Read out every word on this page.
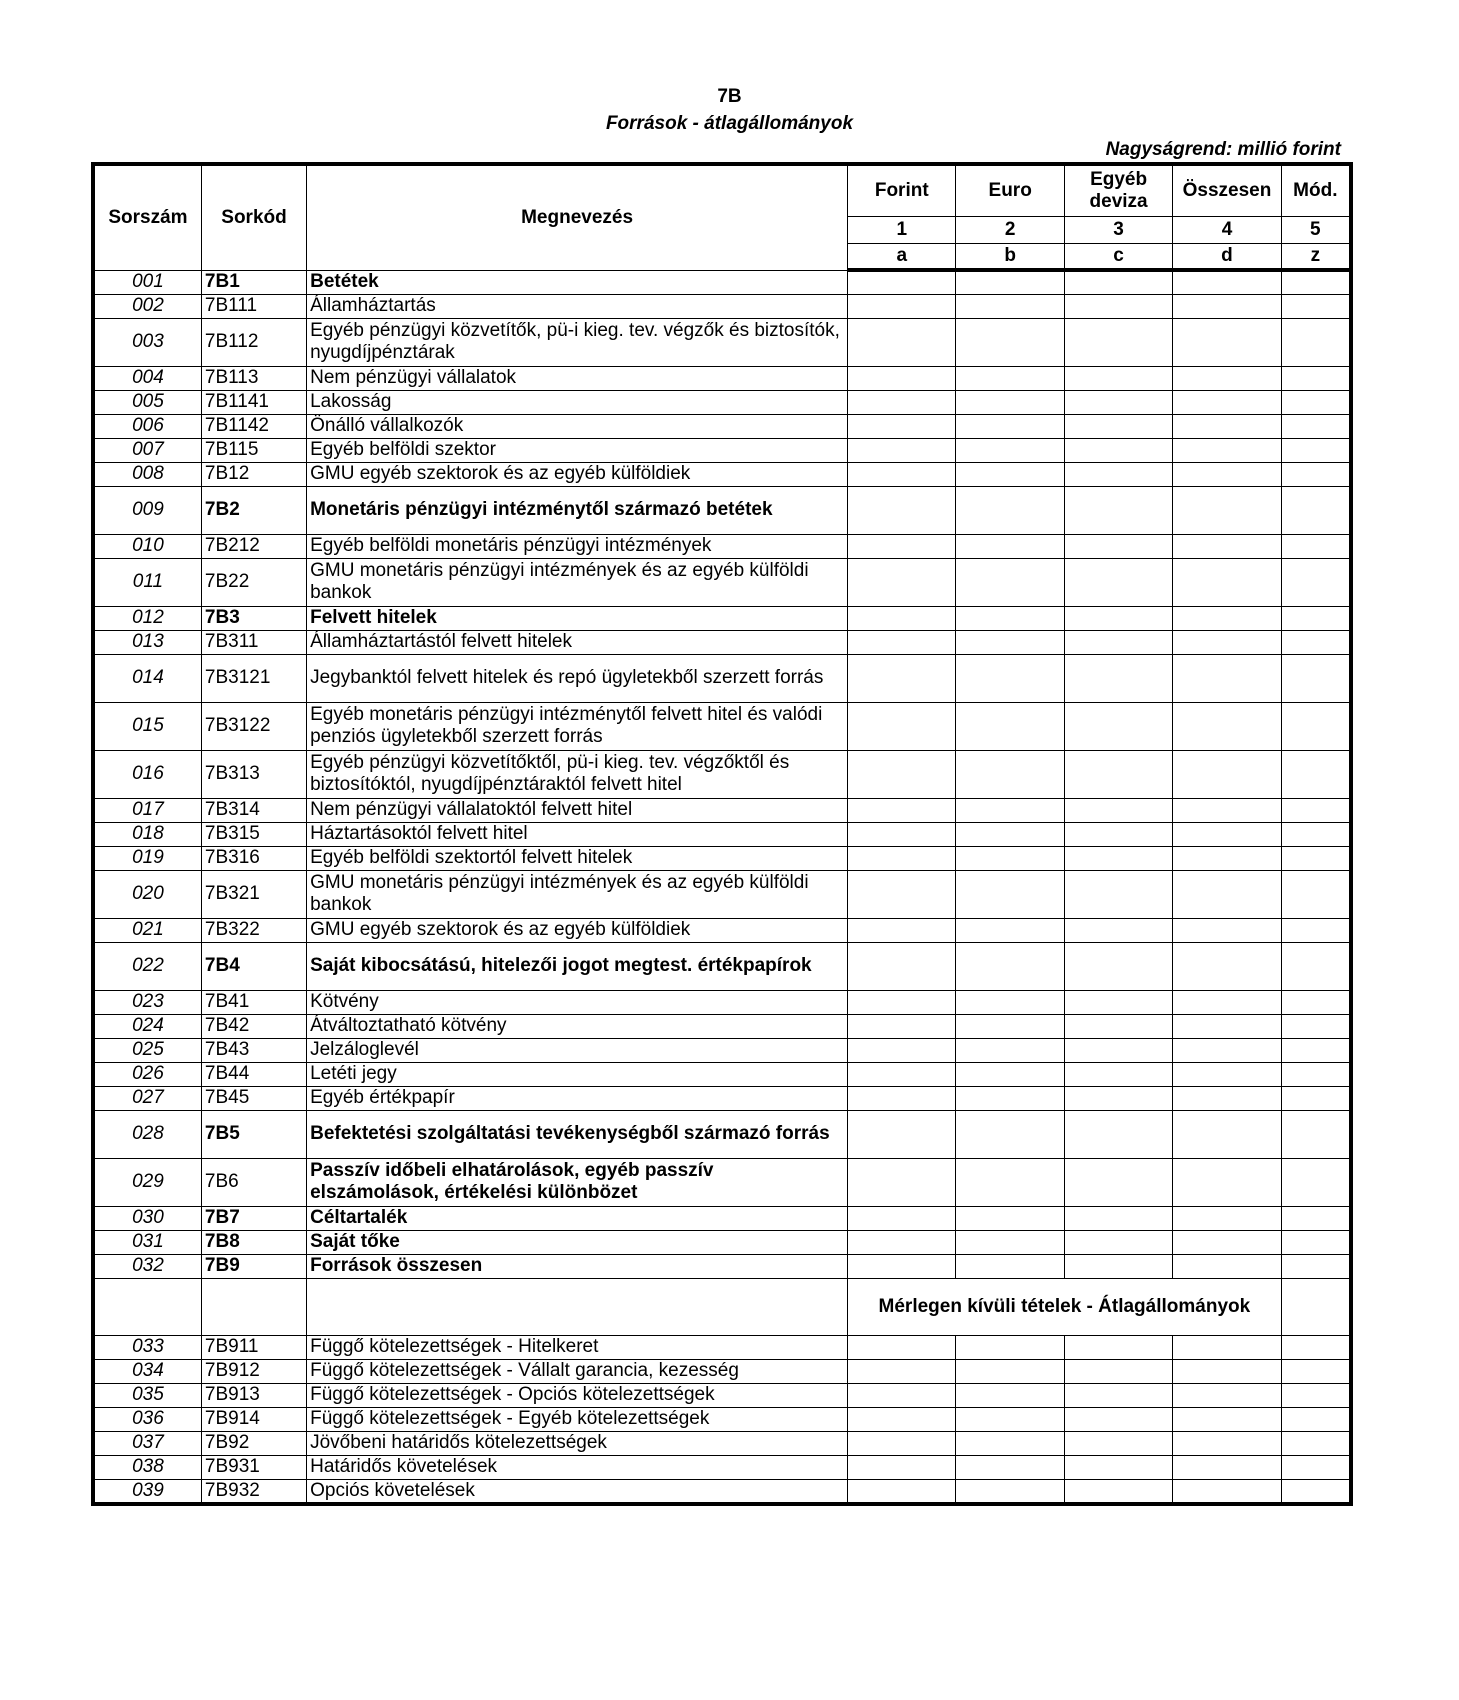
7B
Források - átlagállományok
Nagyságrend: millió forint
Sorszám	Sorkód	Megnevezés	Forint	Euro	Egyéb
deviza	Összesen	Mód.
			1	2	3	4	5
			a	b	c	d	z
001	7B1	Betétek					
002	7B111	Államháztartás					
003	7B112	Egyéb pénzügyi közvetítők, pü-i kieg. tev. végzők és biztosítók, nyugdíjpénztárak					
004	7B113	Nem pénzügyi vállalatok					
005	7B1141	Lakosság					
006	7B1142	Önálló vállalkozók					
007	7B115	Egyéb belföldi szektor					
008	7B12	GMU egyéb szektorok és az egyéb külföldiek					
009	7B2	Monetáris pénzügyi intézménytől származó betétek					
010	7B212	Egyéb belföldi monetáris pénzügyi intézmények					
011	7B22	GMU monetáris pénzügyi intézmények és az egyéb külföldi bankok					
012	7B3	Felvett hitelek					
013	7B311	Államháztartástól felvett hitelek					
014	7B3121	Jegybanktól felvett hitelek és repó ügyletekből szerzett forrás					
015	7B3122	Egyéb monetáris pénzügyi intézménytől felvett hitel és valódi penziós ügyletekből szerzett forrás					
016	7B313	Egyéb pénzügyi közvetítőktől, pü-i kieg. tev. végzőktől és biztosítóktól, nyugdíjpénztáraktól felvett hitel					
017	7B314	Nem pénzügyi vállalatoktól felvett hitel					
018	7B315	Háztartásoktól felvett hitel					
019	7B316	Egyéb belföldi szektortól felvett hitelek					
020	7B321	GMU monetáris pénzügyi intézmények és az egyéb külföldi bankok					
021	7B322	GMU egyéb szektorok és az egyéb külföldiek					
022	7B4	Saját kibocsátású, hitelezői jogot megtest. értékpapírok					
023	7B41	Kötvény					
024	7B42	Átváltoztatható kötvény					
025	7B43	Jelzáloglevél					
026	7B44	Letéti jegy					
027	7B45	Egyéb értékpapír					
028	7B5	Befektetési szolgáltatási tevékenységből származó forrás					
029	7B6	Passzív időbeli elhatárolások, egyéb passzív elszámolások, értékelési különbözet					
030	7B7	Céltartalék					
031	7B8	Saját tőke					
032	7B9	Források összesen					
			Mérlegen kívüli tételek - Átlagállományok				
033	7B911	Függő kötelezettségek - Hitelkeret					
034	7B912	Függő kötelezettségek - Vállalt garancia, kezesség					
035	7B913	Függő kötelezettségek - Opciós kötelezettségek					
036	7B914	Függő kötelezettségek - Egyéb kötelezettségek					
037	7B92	Jövőbeni határidős kötelezettségek					
038	7B931	Határidős követelések					
039	7B932	Opciós követelések					
